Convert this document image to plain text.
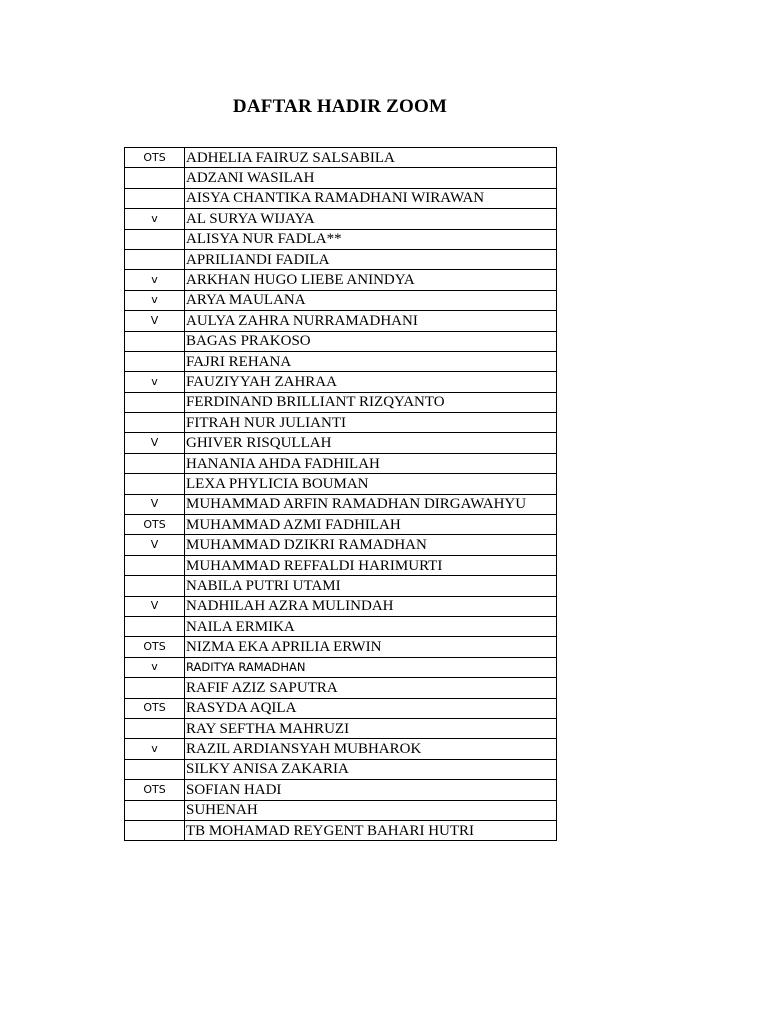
DAFTAR HADIR ZOOM
OTS	ADHELIA FAIRUZ SALSABILA
	ADZANI WASILAH
	AISYA CHANTIKA RAMADHANI WIRAWAN
v	AL SURYA WIJAYA
	ALISYA NUR FADLA**
	APRILIANDI FADILA
v	ARKHAN HUGO LIEBE ANINDYA
v	ARYA MAULANA
V	AULYA ZAHRA NURRAMADHANI
	BAGAS PRAKOSO
	FAJRI REHANA
v	FAUZIYYAH ZAHRAA
	FERDINAND BRILLIANT RIZQYANTO
	FITRAH NUR JULIANTI
V	GHIVER RISQULLAH
	HANANIA AHDA FADHILAH
	LEXA PHYLICIA BOUMAN
V	MUHAMMAD ARFIN RAMADHAN DIRGAWAHYU
OTS	MUHAMMAD AZMI FADHILAH
V	MUHAMMAD DZIKRI RAMADHAN
	MUHAMMAD REFFALDI HARIMURTI
	NABILA PUTRI UTAMI
V	NADHILAH AZRA MULINDAH
	NAILA ERMIKA
OTS	NIZMA EKA APRILIA ERWIN
v	RADITYA RAMADHAN
	RAFIF AZIZ SAPUTRA
OTS	RASYDA AQILA
	RAY SEFTHA MAHRUZI
v	RAZIL ARDIANSYAH MUBHAROK
	SILKY ANISA ZAKARIA
OTS	SOFIAN HADI
	SUHENAH
	TB MOHAMAD REYGENT BAHARI HUTRI
